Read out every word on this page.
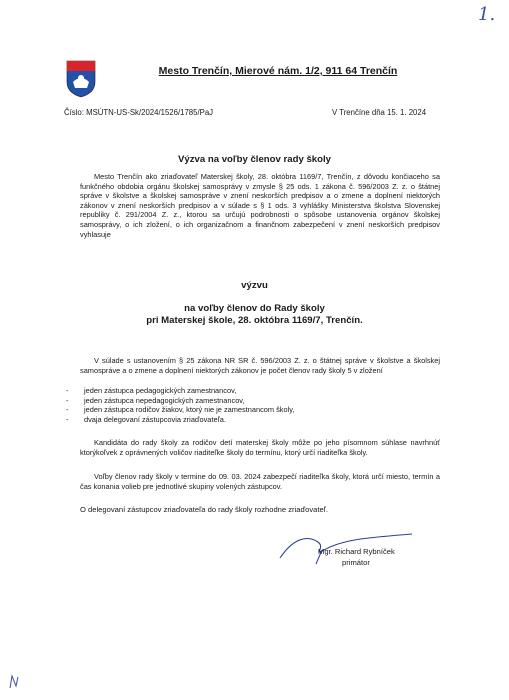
1.
Mesto Trenčín, Mierové nám. 1/2, 911 64 Trenčín
Číslo: MSÚTN-US-Sk/2024/1526/1785/PaJ	V Trenčíne dňa 15. 1. 2024
Výzva na voľby členov rady školy
Mesto Trenčín ako zriaďovateľ Materskej školy, 28. októbra 1169/7, Trenčín, z dôvodu končiaceho sa funkčného obdobia orgánu školskej samosprávy v zmysle § 25 ods. 1 zákona č. 596/2003 Z. z. o štátnej správe v školstve a školskej samospráve v znení neskorších predpisov a o zmene a doplnení niektorých zákonov v znení neskorších predpisov a v súlade s § 1 ods. 3 vyhlášky Ministerstva školstva Slovenskej republiky č. 291/2004 Z. z., ktorou sa určujú podrobnosti o spôsobe ustanovenia orgánov školskej samosprávy, o ich zložení, o ich organizačnom a finančnom zabezpečení v znení neskorších predpisov vyhlasuje
výzvu
na voľby členov do Rady školy
pri Materskej škole, 28. októbra 1169/7, Trenčín.
V súlade s ustanovením § 25 zákona NR SR č. 596/2003 Z. z. o štátnej správe v školstve a školskej samospráve a o zmene a doplnení niektorých zákonov je počet členov rady školy 5 v zložení
-	jeden zástupca pedagogických zamestnancov,
-	jeden zástupca nepedagogických zamestnancov,
-	jeden zástupca rodičov žiakov, ktorý nie je zamestnancom školy,
-	dvaja delegovaní zástupcovia zriaďovateľa.
Kandidáta do rady školy za rodičov detí materskej školy môže po jeho písomnom súhlase navrhnúť ktorýkoľvek z oprávnených voličov riaditeľke školy do termínu, ktorý určí riaditeľka školy.
Voľby členov rady školy v termine do 09. 03. 2024 zabezpečí riaditeľka školy, ktorá určí miesto, termín a čas konania volieb pre jednotlivé skupiny volených zástupcov.
O delegovaní zástupcov zriaďovateľa do rady školy rozhodne zriaďovateľ.
Mgr. Richard Rybníček
primátor
